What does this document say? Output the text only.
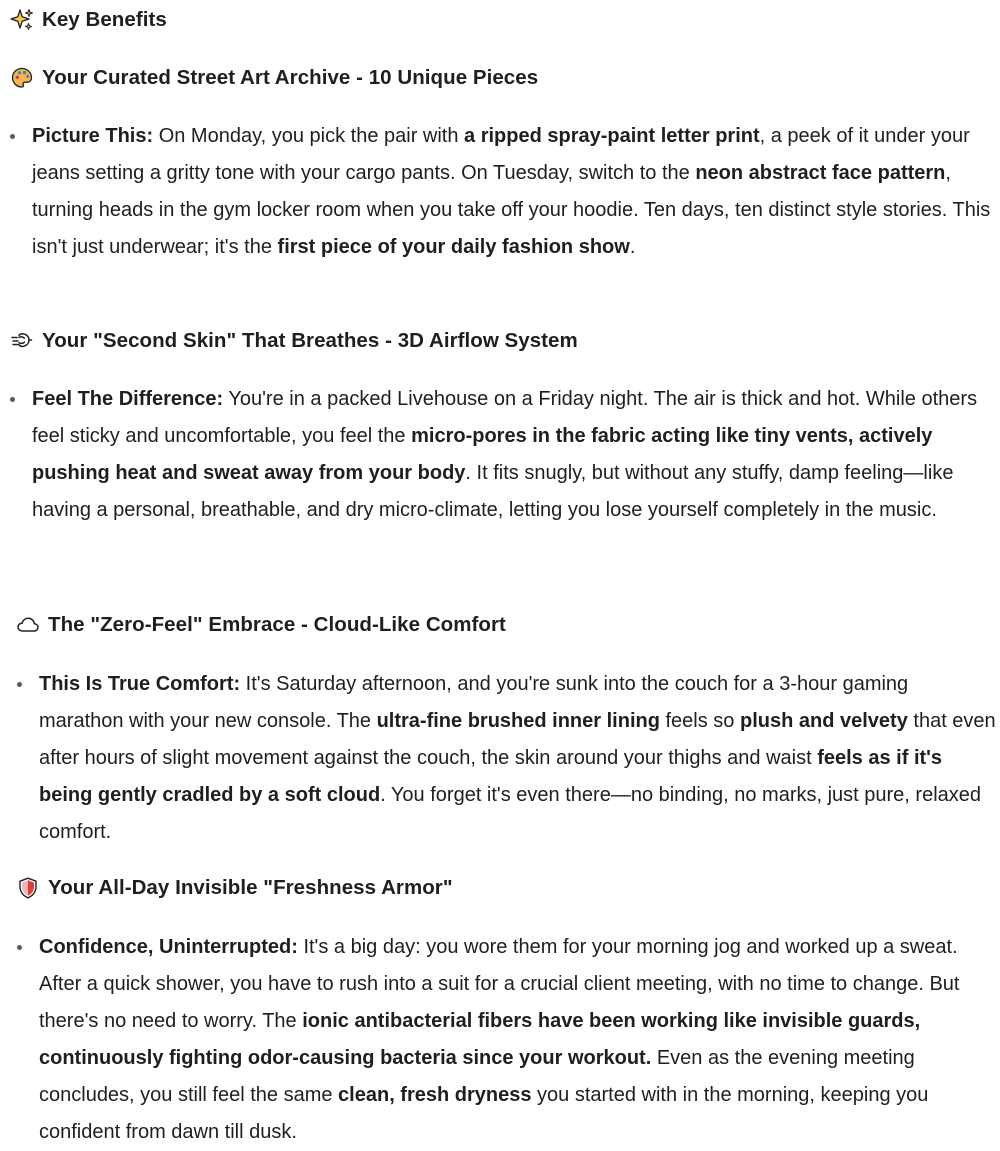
Key Benefits
Your Curated Street Art Archive - 10 Unique Pieces

Picture This: On Monday, you pick the pair with a ripped spray-paint letter print, a peek of it under your jeans setting a gritty tone with your cargo pants. On Tuesday, switch to the neon abstract face pattern, turning heads in the gym locker room when you take off your hoodie. Ten days, ten distinct style stories. This isn't just underwear; it's the first piece of your daily fashion show.

Your "Second Skin" That Breathes - 3D Airflow System

Feel The Difference: You're in a packed Livehouse on a Friday night. The air is thick and hot. While others feel sticky and uncomfortable, you feel the micro-pores in the fabric acting like tiny vents, actively pushing heat and sweat away from your body. It fits snugly, but without any stuffy, damp feeling—like having a personal, breathable, and dry micro-climate, letting you lose yourself completely in the music.

The "Zero-Feel" Embrace - Cloud-Like Comfort

This Is True Comfort: It's Saturday afternoon, and you're sunk into the couch for a 3-hour gaming marathon with your new console. The ultra-fine brushed inner lining feels so plush and velvety that even after hours of slight movement against the couch, the skin around your thighs and waist feels as if it's being gently cradled by a soft cloud. You forget it's even there—no binding, no marks, just pure, relaxed comfort.

Your All-Day Invisible "Freshness Armor"

Confidence, Uninterrupted: It's a big day: you wore them for your morning jog and worked up a sweat. After a quick shower, you have to rush into a suit for a crucial client meeting, with no time to change. But there's no need to worry. The ionic antibacterial fibers have been working like invisible guards, continuously fighting odor-causing bacteria since your workout. Even as the evening meeting concludes, you still feel the same clean, fresh dryness you started with in the morning, keeping you confident from dawn till dusk.
